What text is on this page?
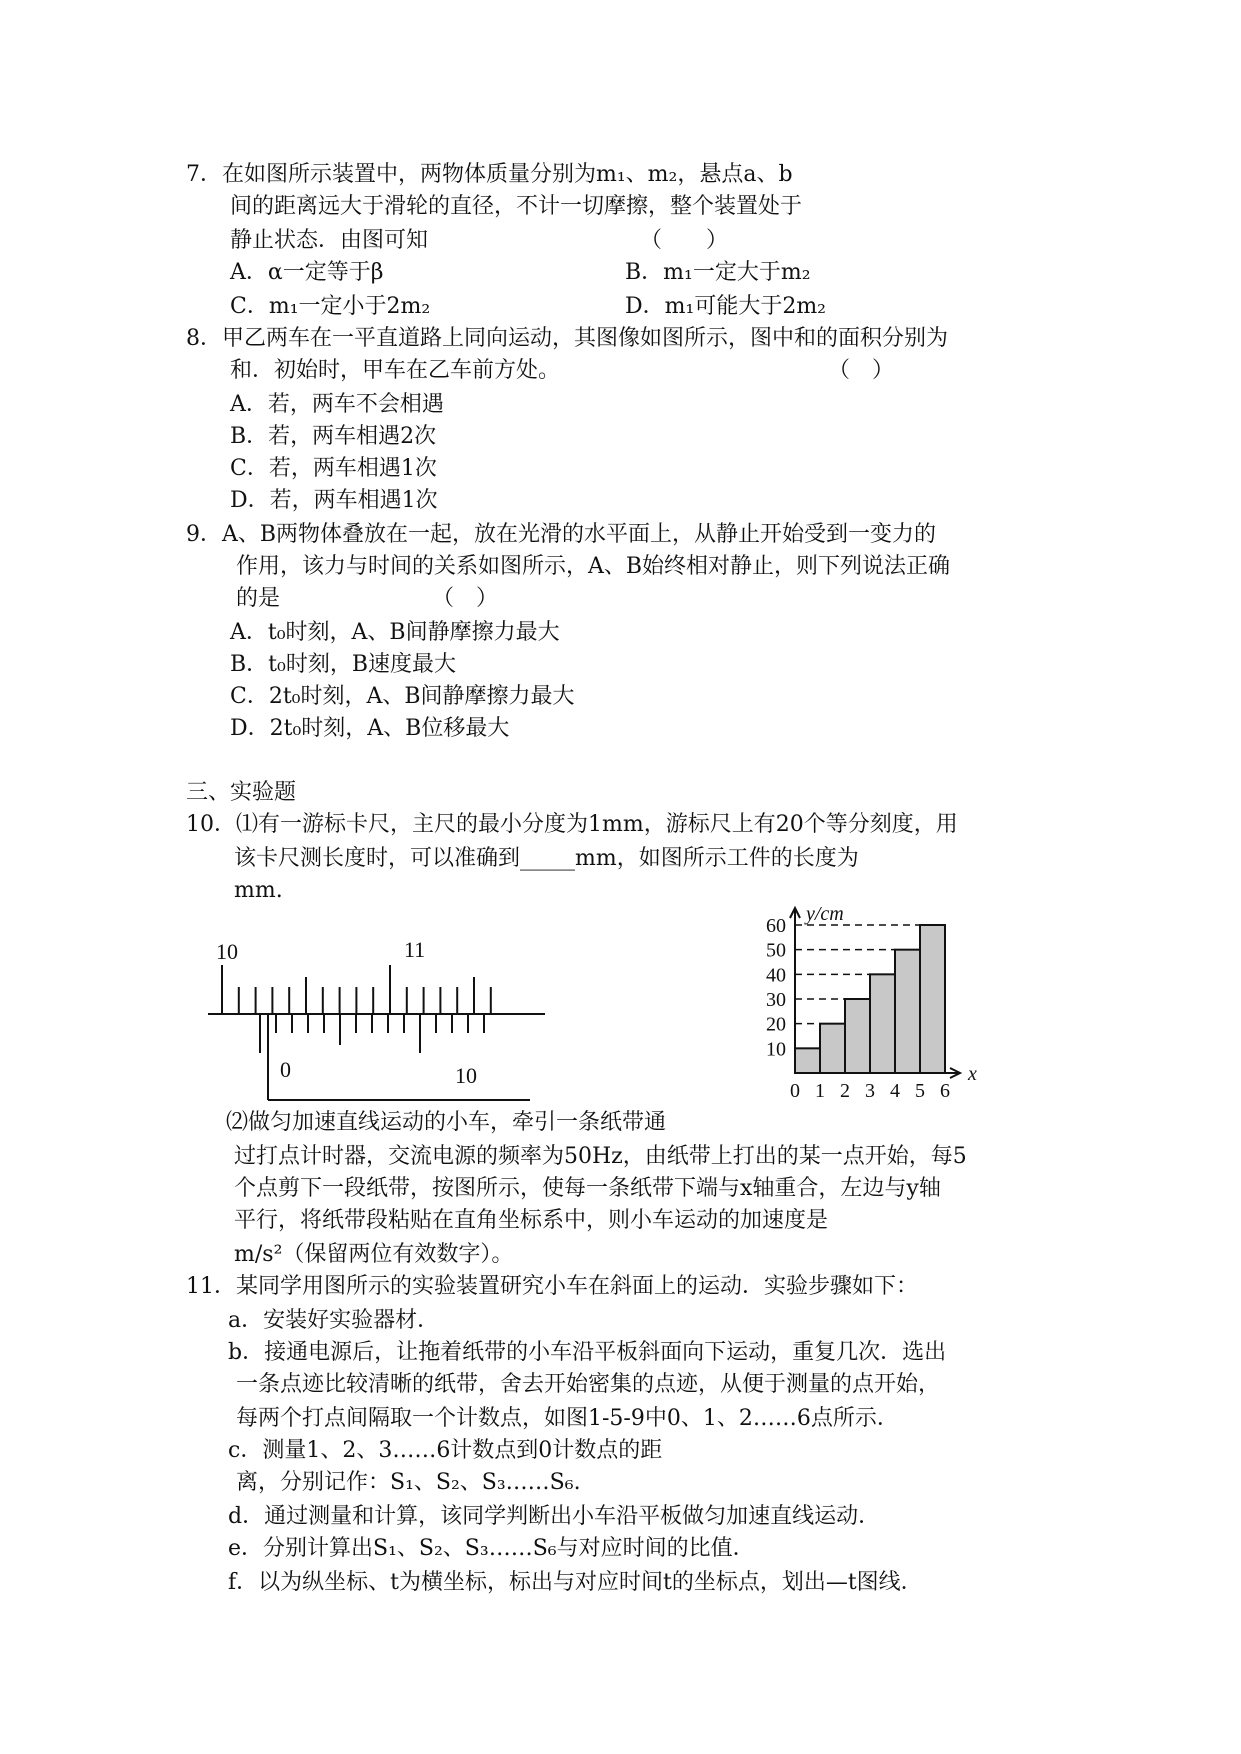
7．在如图所示装置中，两物体质量分别为m₁、m₂，悬点a、b
间的距离远大于滑轮的直径，不计一切摩擦，整个装置处于
静止状态．由图可知	（　　）
A．α一定等于β	B．m₁一定大于m₂
C．m₁一定小于2m₂	D．m₁可能大于2m₂
8．甲乙两车在一平直道路上同向运动，其图像如图所示，图中和的面积分别为
和．初始时，甲车在乙车前方处。	（　）
A．若，两车不会相遇
B．若，两车相遇2次
C．若，两车相遇1次
D．若，两车相遇1次
9．A、B两物体叠放在一起，放在光滑的水平面上，从静止开始受到一变力的
作用，该力与时间的关系如图所示，A、B始终相对静止，则下列说法正确
的是	（　）
A．t₀时刻，A、B间静摩擦力最大
B．t₀时刻，B速度最大
C．2t₀时刻，A、B间静摩擦力最大
D．2t₀时刻，A、B位移最大
三、实验题
10．⑴有一游标卡尺，主尺的最小分度为1mm，游标尺上有20个等分刻度，用
该卡尺测长度时，可以准确到_____mm，如图所示工件的长度为
mm.
10	11
0	10
10
20
30
40
50
60
0 1 2 3 4 5 6
y/cm
x
⑵做匀加速直线运动的小车，牵引一条纸带通
过打点计时器，交流电源的频率为50Hz，由纸带上打出的某一点开始，每5
个点剪下一段纸带，按图所示，使每一条纸带下端与x轴重合，左边与y轴
平行，将纸带段粘贴在直角坐标系中，则小车运动的加速度是
m/s²（保留两位有效数字）。
11．某同学用图所示的实验装置研究小车在斜面上的运动．实验步骤如下：
a．安装好实验器材．
b．接通电源后，让拖着纸带的小车沿平板斜面向下运动，重复几次．选出
一条点迹比较清晰的纸带，舍去开始密集的点迹，从便于测量的点开始，
每两个打点间隔取一个计数点，如图1-5-9中0、1、2……6点所示．
c．测量1、2、3……6计数点到0计数点的距
离，分别记作：S₁、S₂、S₃……S₆.
d．通过测量和计算，该同学判断出小车沿平板做匀加速直线运动．
e．分别计算出S₁、S₂、S₃……S₆与对应时间的比值．
f．以为纵坐标、t为横坐标，标出与对应时间t的坐标点，划出—t图线．
